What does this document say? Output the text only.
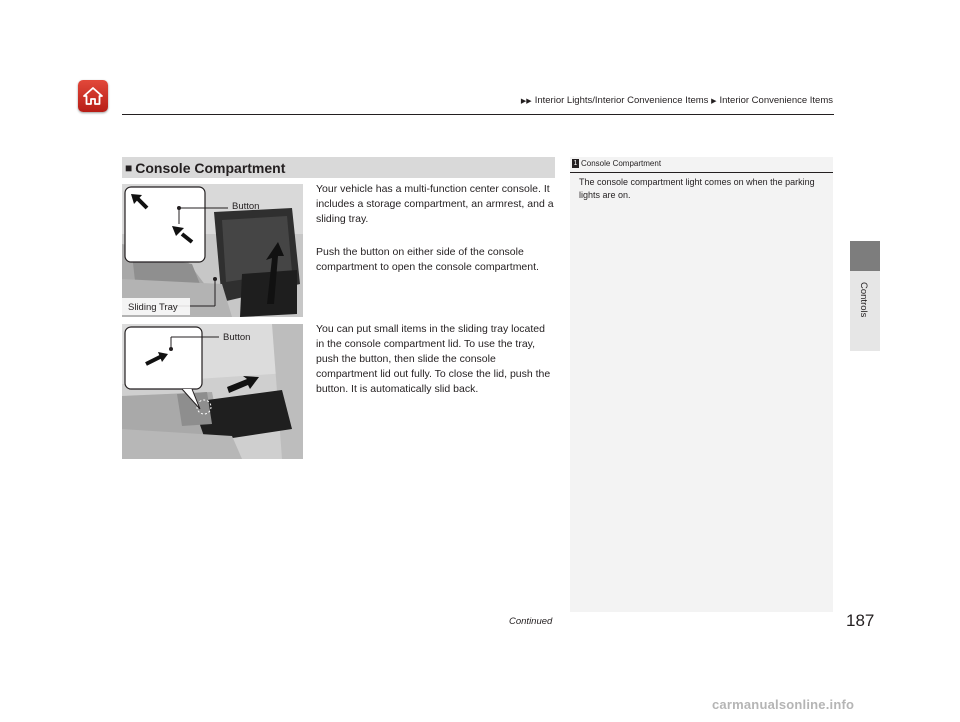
▶▶ Interior Lights/Interior Convenience Items ▶ Interior Convenience Items
Controls
■ Console Compartment
Button
Sliding Tray
Button
Your vehicle has a multi-function center console. It includes a storage compartment, an armrest, and a sliding tray.
Push the button on either side of the console compartment to open the console compartment.
You can put small items in the sliding tray located in the console compartment lid. To use the tray, push the button, then slide the console compartment lid out fully. To close the lid, push the button. It is automatically slid back.
1 Console Compartment
The console compartment light comes on when the parking lights are on.
Continued	187
carmanualsonline.info
